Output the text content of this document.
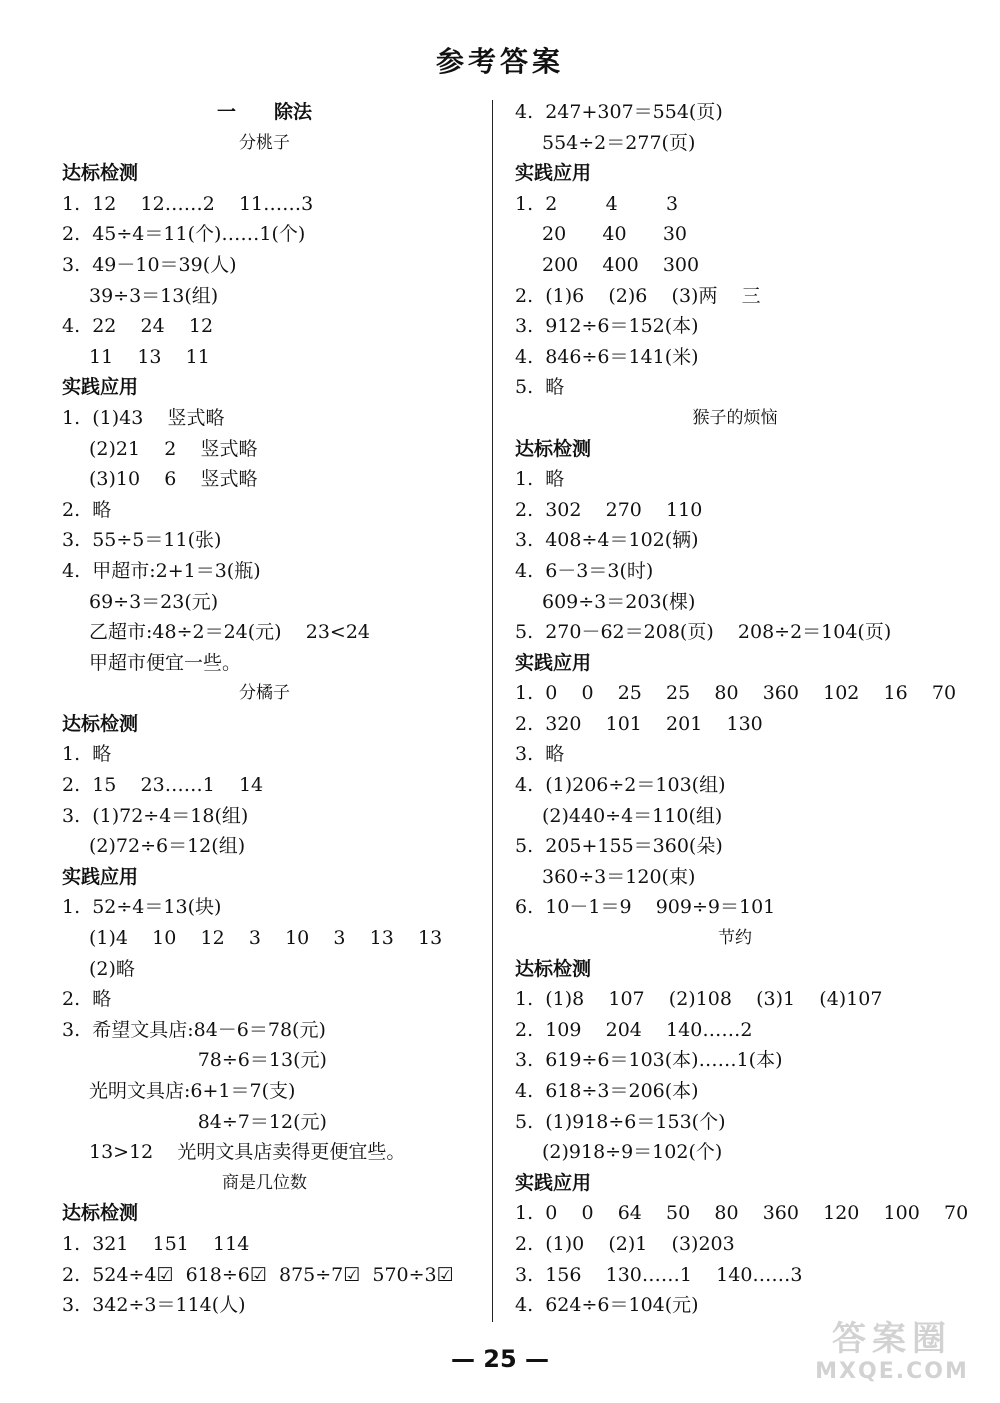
参考答案
一　　除法
分桃子
达标检测
1.  12    12……2    11……3
2.  45÷4＝11(个)……1(个)
3.  49－10＝39(人)
39÷3＝13(组)
4.  22    24    12
11    13    11
实践应用
1.  (1)43    竖式略
(2)21    2    竖式略
(3)10    6    竖式略
2.  略
3.  55÷5＝11(张)
4.  甲超市:2+1＝3(瓶)
69÷3＝23(元)
乙超市:48÷2＝24(元)    23<24
甲超市便宜一些。
分橘子
达标检测
1.  略
2.  15    23……1    14
3.  (1)72÷4＝18(组)
(2)72÷6＝12(组)
实践应用
1.  52÷4＝13(块)
(1)4    10    12    3    10    3    13    13
(2)略
2.  略
3.  希望文具店:84－6＝78(元)
78÷6＝13(元)
光明文具店:6+1＝7(支)
84÷7＝12(元)
13>12    光明文具店卖得更便宜些。
商是几位数
达标检测
1.  321    151    114
2.  524÷4☑  618÷6☑  875÷7☑  570÷3☑
3.  342÷3＝114(人)
4.  247+307＝554(页)
554÷2＝277(页)
实践应用
1.  2        4        3
20      40      30
200    400    300
2.  (1)6    (2)6    (3)两    三
3.  912÷6＝152(本)
4.  846÷6＝141(米)
5.  略
猴子的烦恼
达标检测
1.  略
2.  302    270    110
3.  408÷4＝102(辆)
4.  6－3＝3(时)
609÷3＝203(棵)
5.  270－62＝208(页)    208÷2＝104(页)
实践应用
1.  0    0    25    25    80    360    102    16    70
2.  320    101    201    130
3.  略
4.  (1)206÷2＝103(组)
(2)440÷4＝110(组)
5.  205+155＝360(朵)
360÷3＝120(束)
6.  10－1＝9    909÷9＝101
节约
达标检测
1.  (1)8    107    (2)108    (3)1    (4)107
2.  109    204    140……2
3.  619÷6＝103(本)……1(本)
4.  618÷3＝206(本)
5.  (1)918÷6＝153(个)
(2)918÷9＝102(个)
实践应用
1.  0    0    64    50    80    360    120    100    70
2.  (1)0    (2)1    (3)203
3.  156    130……1    140……3
4.  624÷6＝104(元)
— 25 —	答案圈
MXQE.COM
